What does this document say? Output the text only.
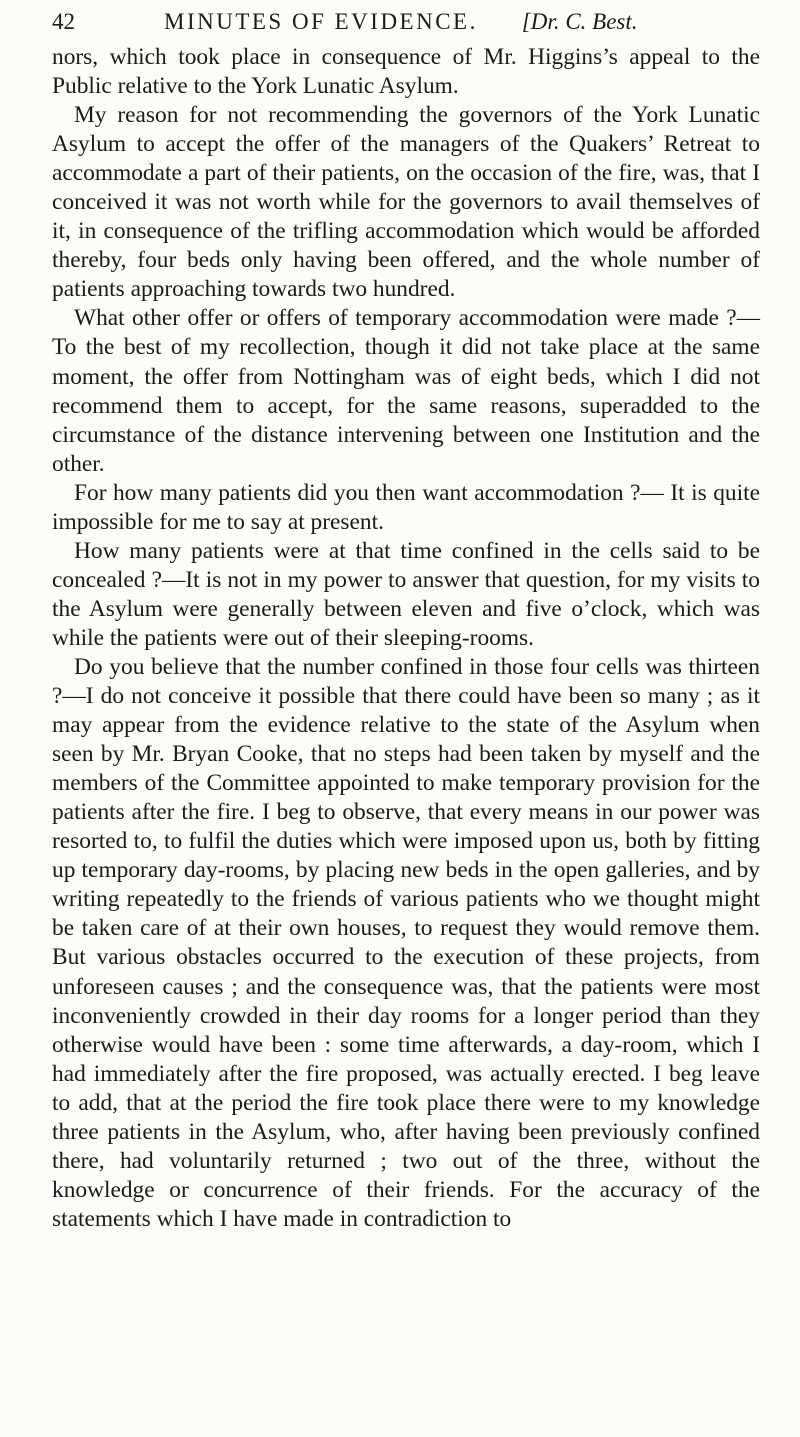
42	MINUTES OF EVIDENCE. [Dr. C. Best.

nors, which took place in consequence of Mr. Higgins’s appeal to the Public relative to the York Lunatic Asylum.

My reason for not recommending the governors of the York Lunatic Asylum to accept the offer of the managers of the Quakers’ Retreat to accommodate a part of their patients, on the occasion of the fire, was, that I conceived it was not worth while for the governors to avail themselves of it, in consequence of the trifling accommodation which would be afforded thereby, four beds only having been offered, and the whole number of patients approaching towards two hundred.

What other offer or offers of temporary accommodation were made ?—To the best of my recollection, though it did not take place at the same moment, the offer from Nottingham was of eight beds, which I did not recommend them to accept, for the same reasons, superadded to the circumstance of the distance intervening between one Institution and the other.

For how many patients did you then want accommodation ?— It is quite impossible for me to say at present.

How many patients were at that time confined in the cells said to be concealed ?—It is not in my power to answer that question, for my visits to the Asylum were generally between eleven and five o’clock, which was while the patients were out of their sleeping-rooms.

Do you believe that the number confined in those four cells was thirteen ?—I do not conceive it possible that there could have been so many ; as it may appear from the evidence relative to the state of the Asylum when seen by Mr. Bryan Cooke, that no steps had been taken by myself and the members of the Committee appointed to make temporary provision for the patients after the fire. I beg to observe, that every means in our power was resorted to, to fulfil the duties which were imposed upon us, both by fitting up temporary day-rooms, by placing new beds in the open galleries, and by writing repeatedly to the friends of various patients who we thought might be taken care of at their own houses, to request they would remove them. But various obstacles occurred to the execution of these projects, from unforeseen causes ; and the consequence was, that the patients were most inconveniently crowded in their day rooms for a longer period than they otherwise would have been : some time afterwards, a day-room, which I had immediately after the fire proposed, was actually erected. I beg leave to add, that at the period the fire took place there were to my knowledge three patients in the Asylum, who, after having been previously confined there, had voluntarily returned ; two out of the three, without the knowledge or concurrence of their friends. For the accuracy of the statements which I have made in contradiction to
